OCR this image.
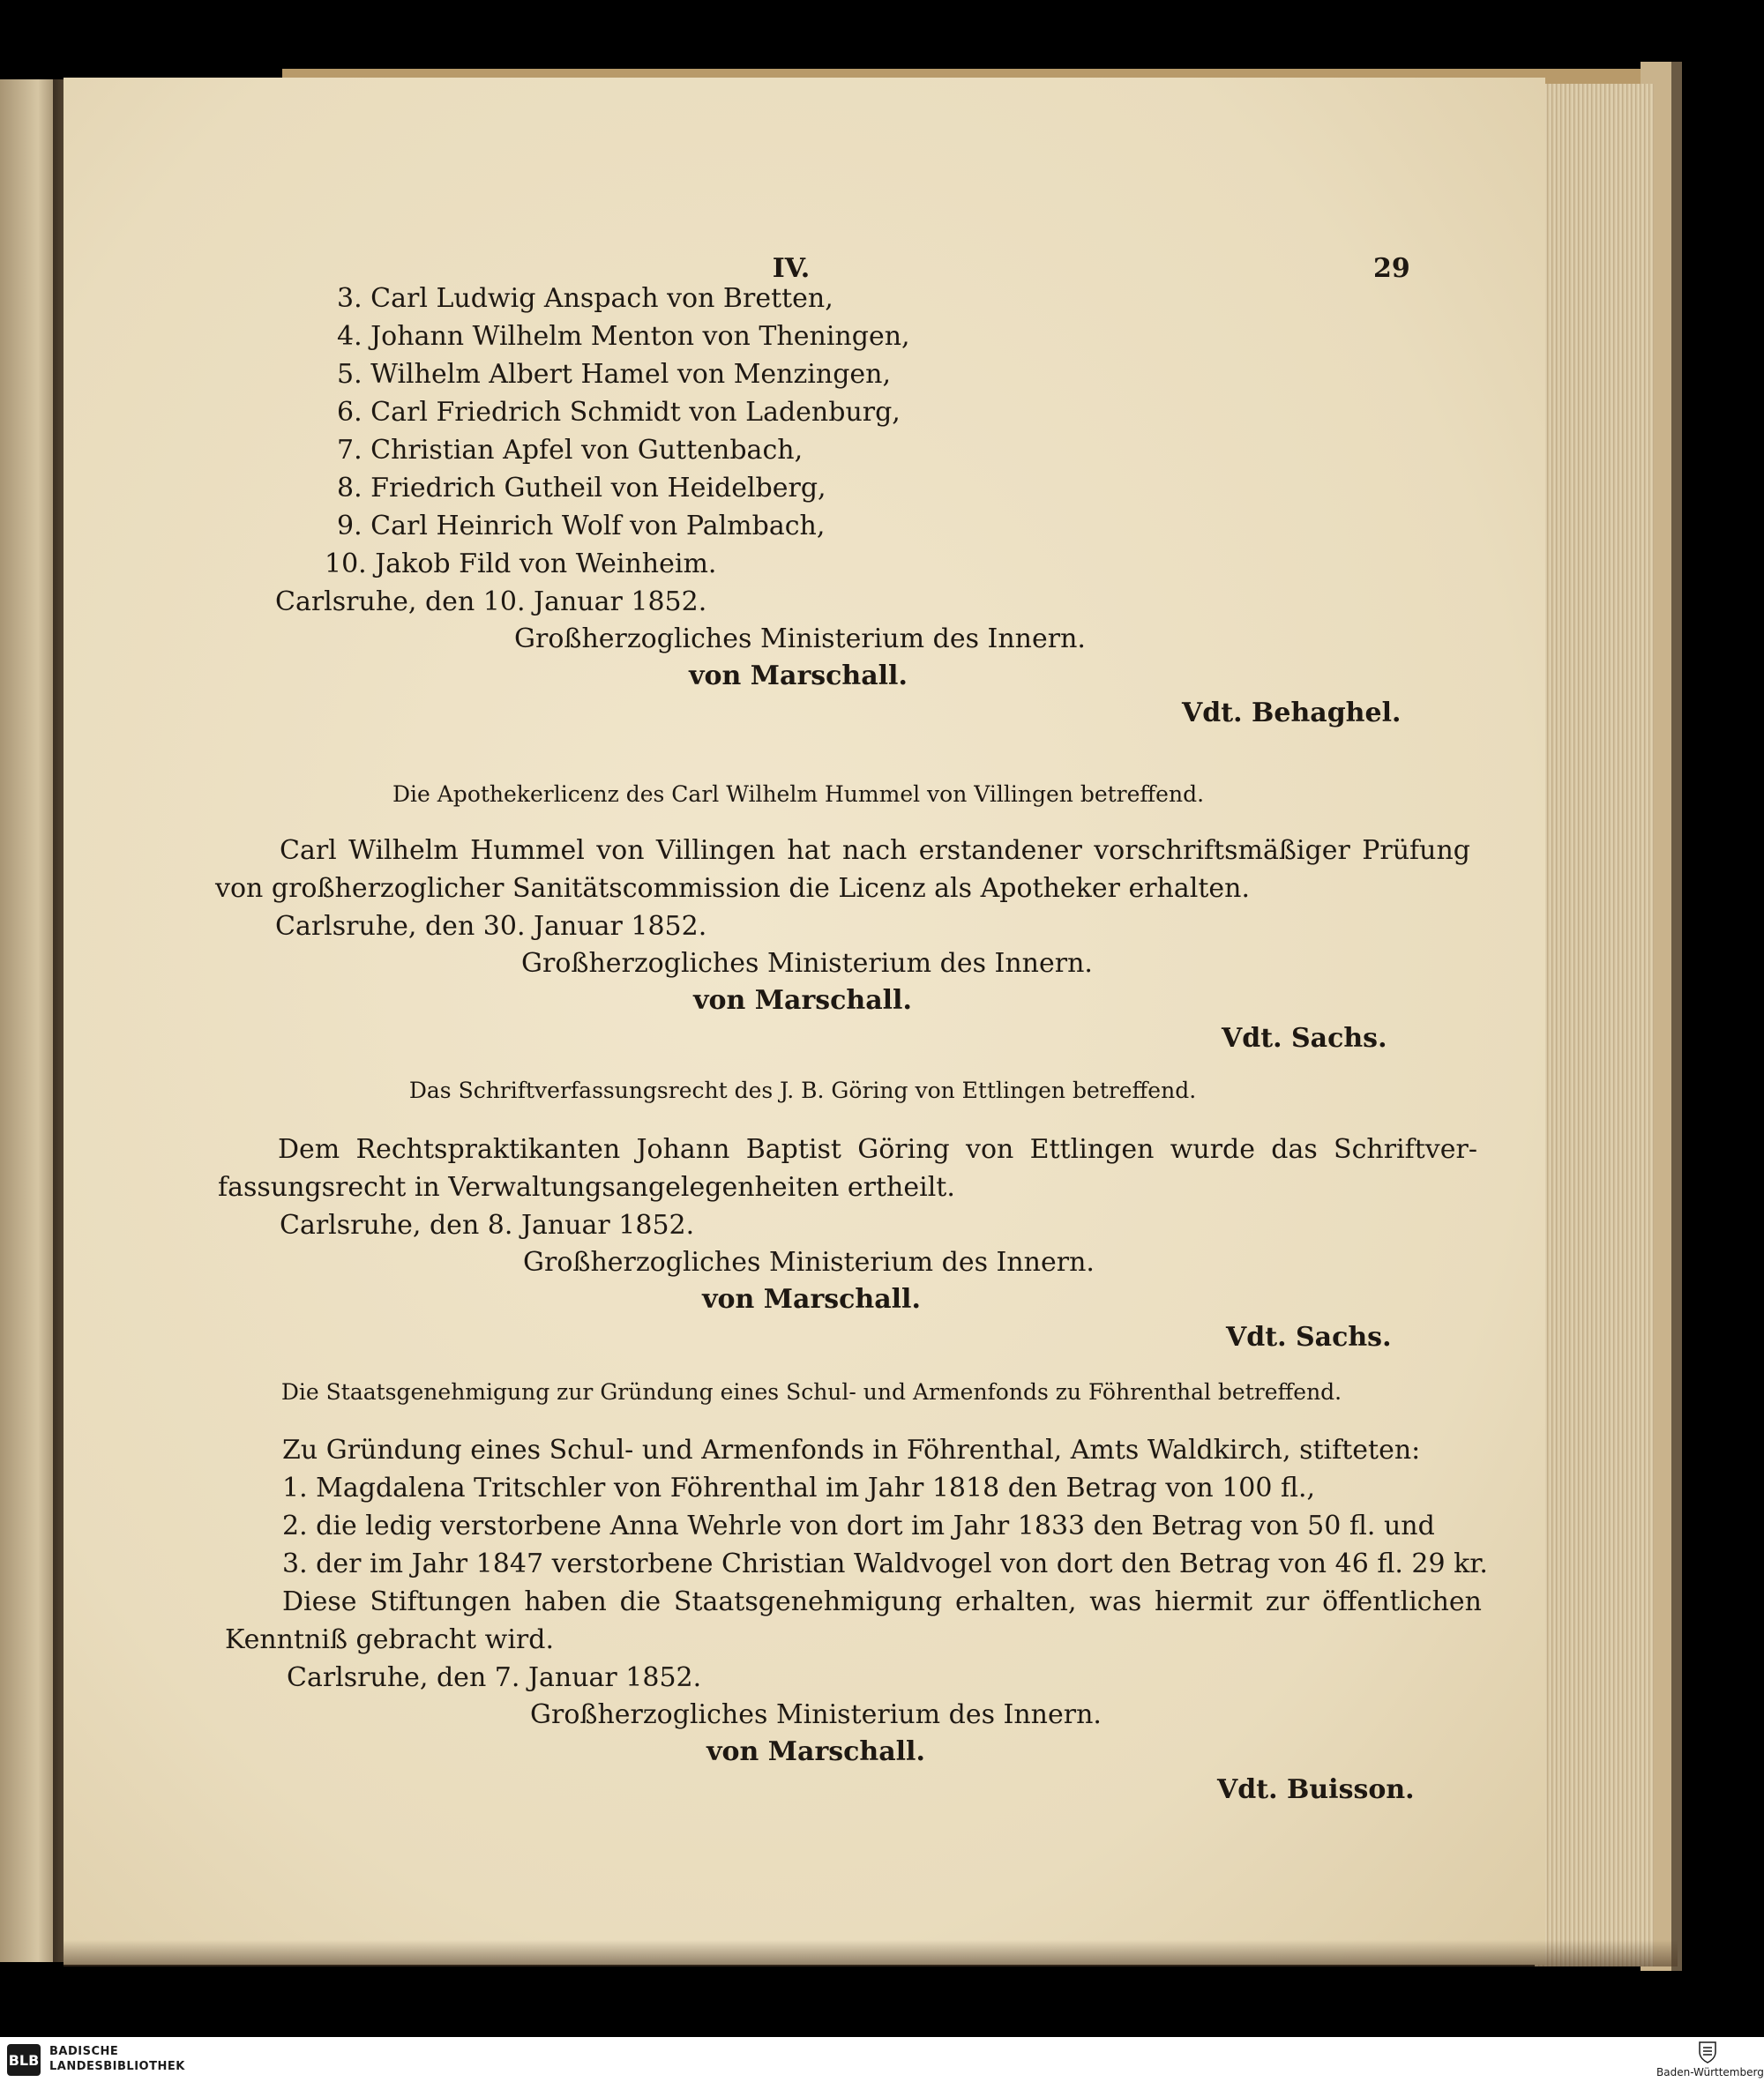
IV.	29

3. Carl Ludwig Anspach von Bretten,

4. Johann Wilhelm Menton von Theningen,

5. Wilhelm Albert Hamel von Menzingen,

6. Carl Friedrich Schmidt von Ladenburg,

7. Christian Apfel von Guttenbach,

8. Friedrich Gutheil von Heidelberg,

9. Carl Heinrich Wolf von Palmbach,

10. Jakob Fild von Weinheim.

Carlsruhe, den 10. Januar 1852.

Großherzogliches Ministerium des Innern.

von Marschall.

Vdt. Behaghel.

Die Apothekerlicenz des Carl Wilhelm Hummel von Villingen betreffend.

Carl Wilhelm Hummel von Villingen hat nach erstandener vorschriftsmäßiger Prüfung

von großherzoglicher Sanitätscommission die Licenz als Apotheker erhalten.

Carlsruhe, den 30. Januar 1852.

Großherzogliches Ministerium des Innern.

von Marschall.

Vdt. Sachs.

Das Schriftverfassungsrecht des J. B. Göring von Ettlingen betreffend.

Dem Rechtspraktikanten Johann Baptist Göring von Ettlingen wurde das Schriftver-

fassungsrecht in Verwaltungsangelegenheiten ertheilt.

Carlsruhe, den 8. Januar 1852.

Großherzogliches Ministerium des Innern.

von Marschall.

Vdt. Sachs.

Die Staatsgenehmigung zur Gründung eines Schul- und Armenfonds zu Föhrenthal betreffend.

Zu Gründung eines Schul- und Armenfonds in Föhrenthal, Amts Waldkirch, stifteten:

1. Magdalena Tritschler von Föhrenthal im Jahr 1818 den Betrag von 100 fl.,

2. die ledig verstorbene Anna Wehrle von dort im Jahr 1833 den Betrag von 50 fl. und

3. der im Jahr 1847 verstorbene Christian Waldvogel von dort den Betrag von 46 fl. 29 kr.

Diese Stiftungen haben die Staatsgenehmigung erhalten, was hiermit zur öffentlichen

Kenntniß gebracht wird.

Carlsruhe, den 7. Januar 1852.

Großherzogliches Ministerium des Innern.

von Marschall.

Vdt. Buisson.

BLB BADISCHE

LANDESBIBLIOTHEK	Baden-Württemberg
